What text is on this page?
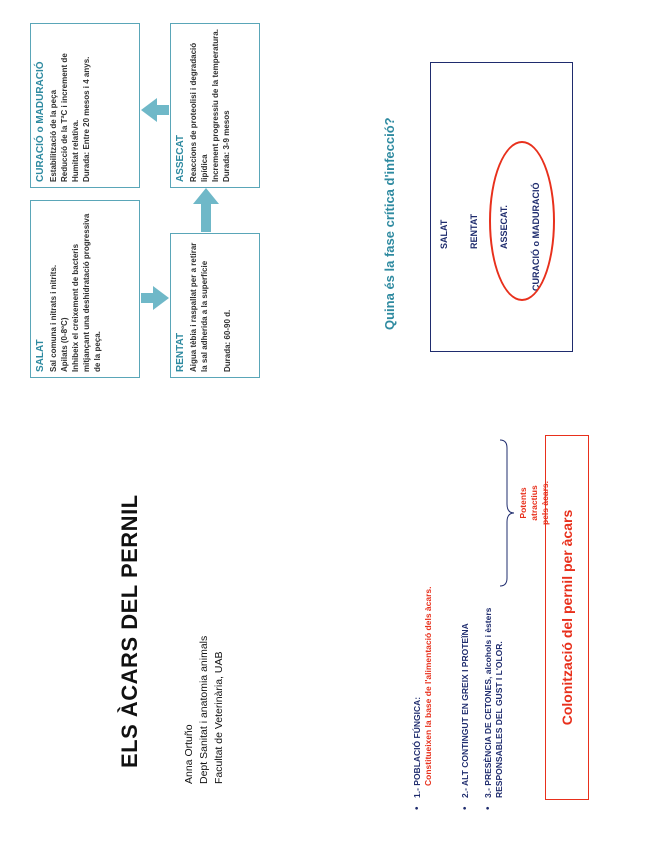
ELS ÀCARS DEL PERNIL	Anna Ortuño Dept Sanitat i anatomia animals Facultat de Veterinària, UAB
SALAT Sal comuna i nitrats i nitrits. Apilats (0-8ºC) Inhibeix el creixement de bacteris mitjançant una deshidratació progressiva de la peça.	RENTAT Aigua tèbia i raspallat per a retirar la sal adherida a la superfície Durada: 60-90 d.
ASSECAT Reaccions de proteolisi i degradació lipídica Increment progressiu de la temperatura. Durada: 3-9 mesos
CURACIÓ o MADURACIÓ Estabilització de la peça Reducció de la TªC i increment de Humitat relativa. Durada: Entre 20 mesos i 4 anys.
•
1.- POBLACIÓ FÚNGICA: Constitueixen la base de l'alimentació dels àcars.
•
2.- ALT CONTINGUT EN GREIX I PROTEÏNA
•
3.- PRESÈNCIA DE CETONES, alcohols i èsters RESPONSABLES DEL GUST I L'OLOR.
Potents atractius pels àcars.
Colonització del pernil per àcars
Quina és la fase crítica d'infecció?	SALAT RENTAT ASSECAT. CURACIÓ o MADURACIÓ
